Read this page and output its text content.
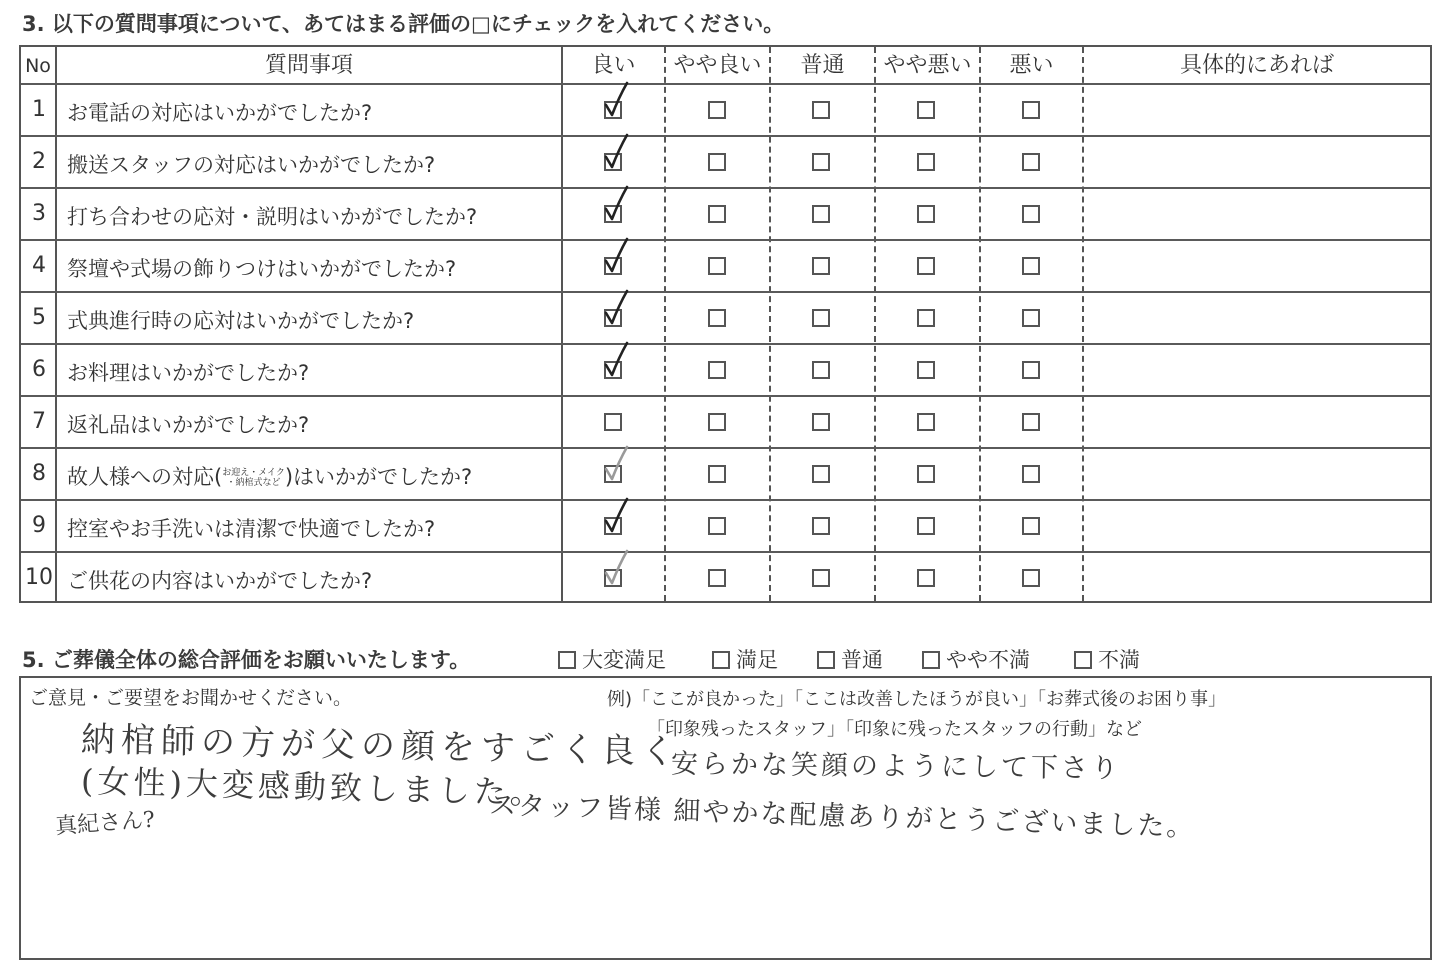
3. 以下の質問事項について、あてはまる評価の□にチェックを入れてください。
No	質問事項	良い	やや良い	普通	やや悪い	悪い	具体的にあれば
1	お電話の対応はいかがでしたか?
2	搬送スタッフの対応はいかがでしたか?
3	打ち合わせの応対・説明はいかがでしたか?
4	祭壇や式場の飾りつけはいかがでしたか?
5	式典進行時の応対はいかがでしたか?
6	お料理はいかがでしたか?
7	返礼品はいかがでしたか?
8	故人様への対応(お迎え・メイク
・納棺式など )はいかがでしたか?
9	控室やお手洗いは清潔で快適でしたか?
10 ご供花の内容はいかがでしたか?
5. ご葬儀全体の総合評価をお願いいたします。	大変満足	満足	普通	やや不満	不満
ご意見・ご要望をお聞かせください。	例)「ここが良かった」「ここは改善したほうが良い」「お葬式後のお困り事」
「印象残ったスタッフ」「印象に残ったスタッフの行動」など
納棺師の方が父の顔をすごく良く
安らかな笑顔のようにして下さり
(女性)大変感動致しました。
真紀さん?	スタッフ皆様 細やかな配慮ありがとうございました。
